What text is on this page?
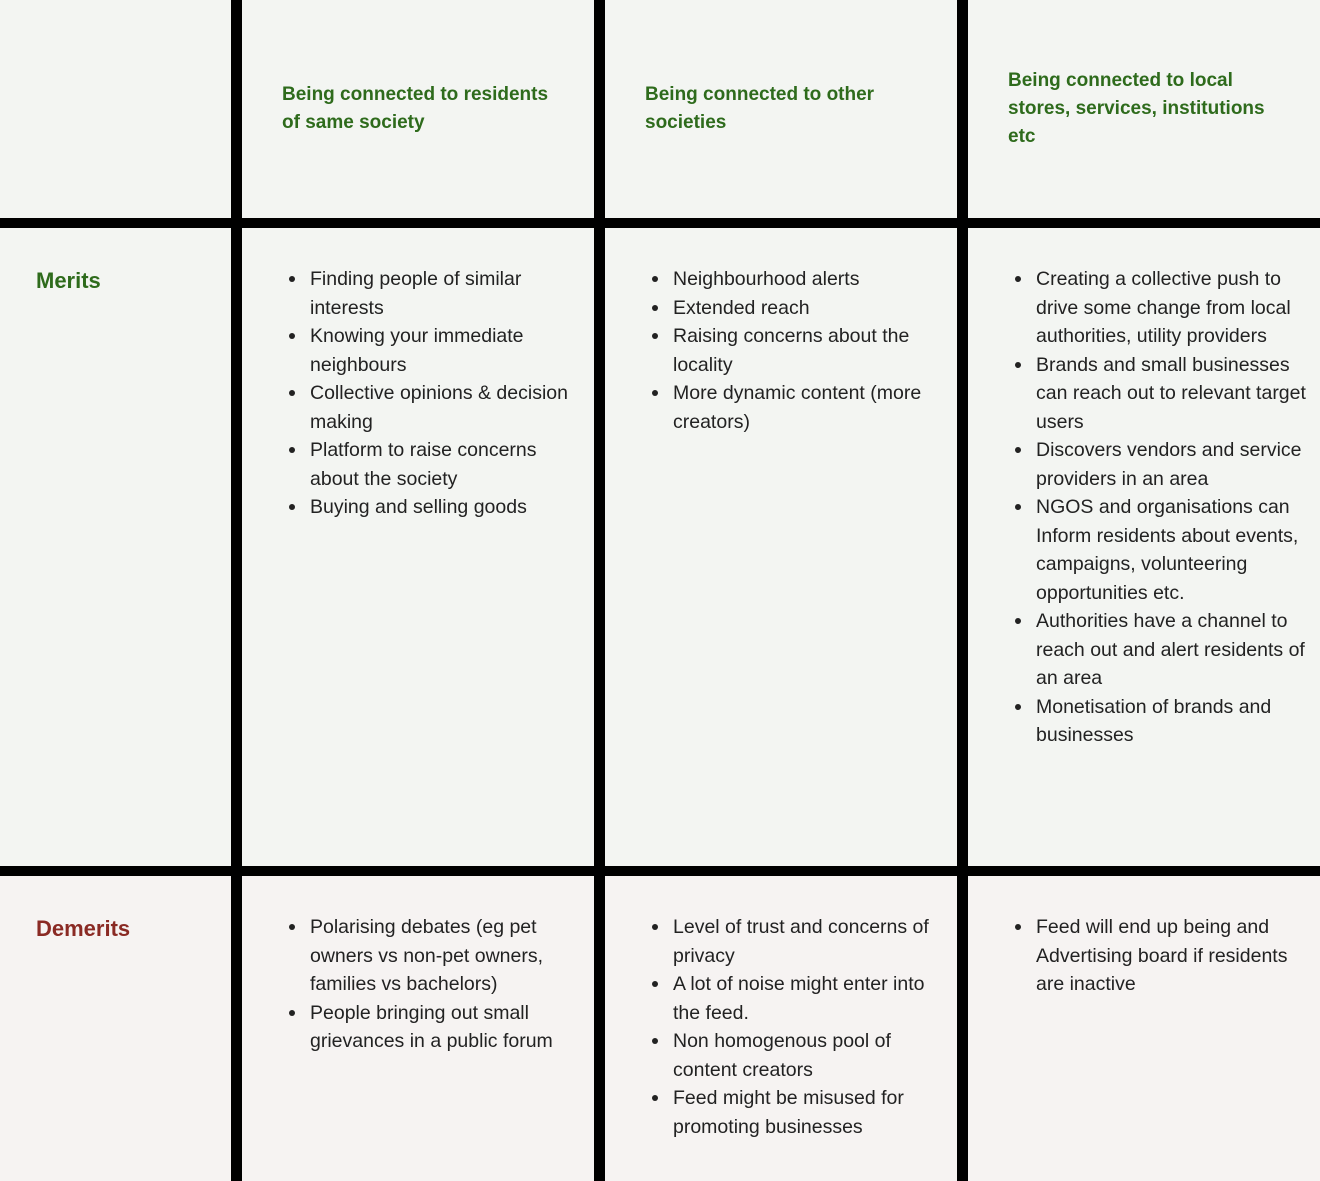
Being connected to residents of same society
Being connected to other societies
Being connected to local stores, services, institutions etc
Merits	Finding people of similar interests
Knowing your immediate neighbours
Collective opinions & decision making
Platform to raise concerns about the society
Buying and selling goods
Neighbourhood alerts
Extended reach
Raising concerns about the locality
More dynamic content (more creators)
Creating a collective push to drive some change from local authorities, utility providers
Brands and small businesses can reach out to relevant target users
Discovers vendors and service providers in an area
NGOS and organisations can Inform residents about events, campaigns, volunteering opportunities etc.
Authorities have a channel to reach out and alert residents of an area
Monetisation of brands and businesses
Demerits	Polarising debates (eg pet owners vs non-pet owners, families vs bachelors)
People bringing out small grievances in a public forum
Level of trust and concerns of privacy
A lot of noise might enter into the feed.
Non homogenous pool of content creators
Feed might be misused for promoting businesses
Feed will end up being and Advertising board if residents are inactive
